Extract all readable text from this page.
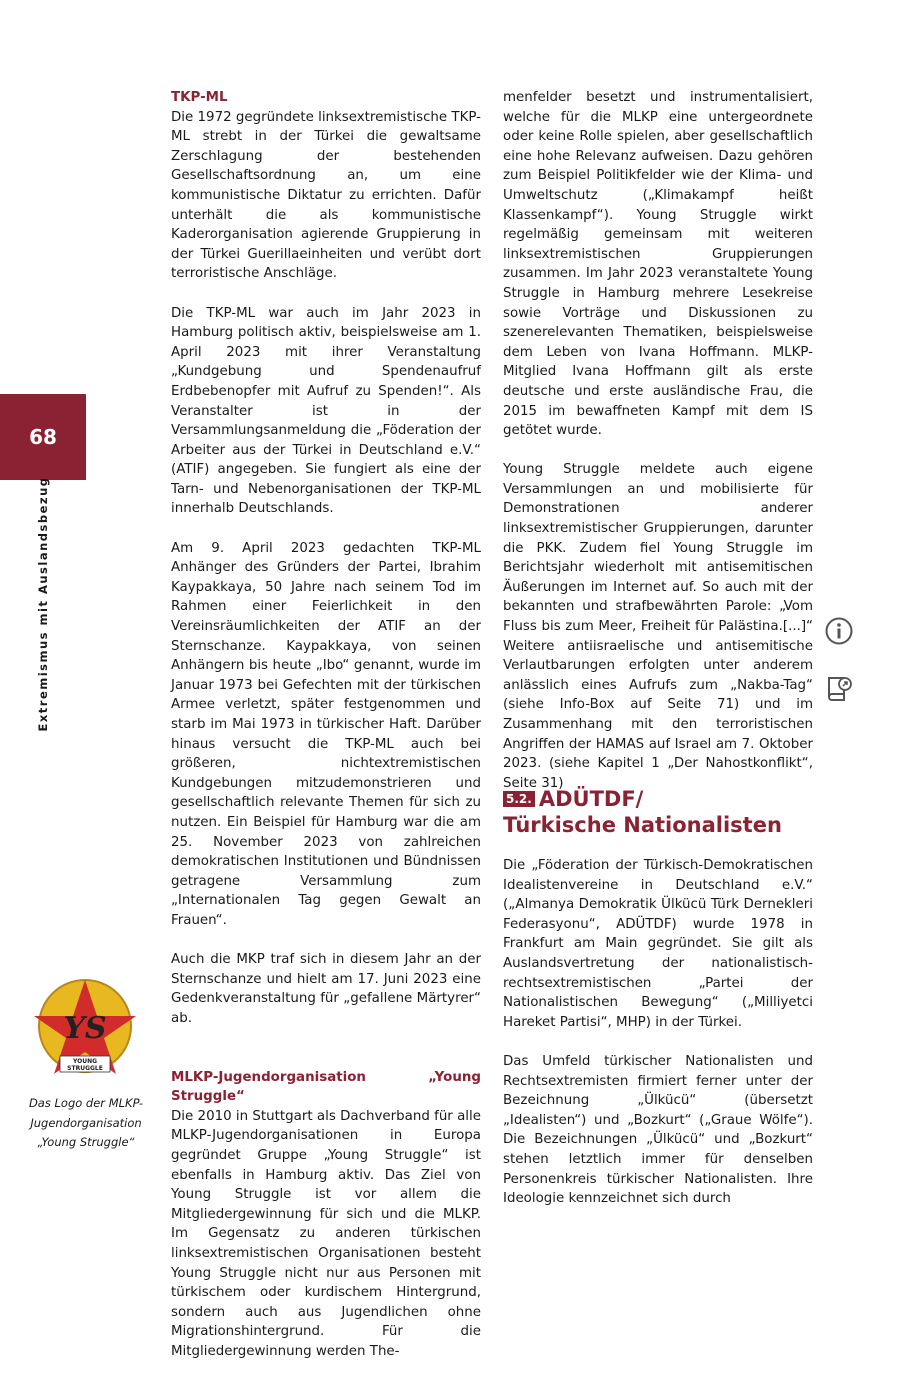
68
Extremismus mit Auslandsbezug
TKP-ML

Die 1972 gegründete linksextremistische TKP-ML strebt in der Türkei die gewaltsame Zerschlagung der bestehenden Gesellschaftsordnung an, um eine kommunistische Diktatur zu errichten. Dafür unterhält die als kommunistische Kaderorganisation agierende Gruppierung in der Türkei Guerillaeinheiten und verübt dort terroristische Anschläge.

Die TKP-ML war auch im Jahr 2023 in Hamburg politisch aktiv, beispielsweise am 1. April 2023 mit ihrer Veranstaltung „Kundgebung und Spendenaufruf Erdbebenopfer mit Aufruf zu Spenden!“. Als Veranstalter ist in der Versammlungsanmeldung die „Föderation der Arbeiter aus der Türkei in Deutschland e.V.“ (ATIF) angegeben. Sie fungiert als eine der Tarn- und Nebenorganisationen der TKP-ML innerhalb Deutschlands.

Am 9. April 2023 gedachten TKP-ML Anhänger des Gründers der Partei, Ibrahim Kaypakkaya, 50 Jahre nach seinem Tod im Rahmen einer Feierlichkeit in den Vereinsräumlichkeiten der ATIF an der Sternschanze. Kaypakkaya, von seinen Anhängern bis heute „Ibo“ genannt, wurde im Januar 1973 bei Gefechten mit der türkischen Armee verletzt, später festgenommen und starb im Mai 1973 in türkischer Haft. Darüber hinaus versucht die TKP-ML auch bei größeren, nichtextremistischen Kundgebungen mitzudemonstrieren und gesellschaftlich relevante Themen für sich zu nutzen. Ein Beispiel für Hamburg war die am 25. November 2023 von zahlreichen demokratischen Institutionen und Bündnissen getragene Versammlung zum „Internationalen Tag gegen Gewalt an Frauen“.

Auch die MKP traf sich in diesem Jahr an der Sternschanze und hielt am 17. Juni 2023 eine Gedenkveranstaltung für „gefallene Märtyrer“ ab.

MLKP-Jugendorganisation „Young Struggle“

Die 2010 in Stuttgart als Dachverband für alle MLKP-Jugendorganisationen in Europa gegründet Gruppe „Young Struggle“ ist ebenfalls in Hamburg aktiv. Das Ziel von Young Struggle ist vor allem die Mitgliedergewinnung für sich und die MLKP. Im Gegensatz zu anderen türkischen linksextremistischen Organisationen besteht Young Struggle nicht nur aus Personen mit türkischem oder kurdischem Hintergrund, sondern auch aus Jugendlichen ohne Migrationshintergrund. Für die Mitgliedergewinnung werden The-

menfelder besetzt und instrumentalisiert, welche für die MLKP eine untergeordnete oder keine Rolle spielen, aber gesellschaftlich eine hohe Relevanz aufweisen. Dazu gehören zum Beispiel Politikfelder wie der Klima- und Umweltschutz („Klimakampf heißt Klassenkampf“). Young Struggle wirkt regelmäßig gemeinsam mit weiteren linksextremistischen Gruppierungen zusammen. Im Jahr 2023 veranstaltete Young Struggle in Hamburg mehrere Lesekreise sowie Vorträge und Diskussionen zu szenerelevanten Thematiken, beispielsweise dem Leben von Ivana Hoffmann. MLKP-Mitglied Ivana Hoffmann gilt als erste deutsche und erste ausländische Frau, die 2015 im bewaffneten Kampf mit dem IS getötet wurde.

Young Struggle meldete auch eigene Versammlungen an und mobilisierte für Demonstrationen anderer linksextremistischer Gruppierungen, darunter die PKK. Zudem fiel Young Struggle im Berichtsjahr wiederholt mit antisemitischen Äußerungen im Internet auf. So auch mit der bekannten und strafbewährten Parole: „Vom Fluss bis zum Meer, Freiheit für Palästina.[...]“ Weitere antiisraelische und antisemitische Verlautbarungen erfolgten unter anderem anlässlich eines Aufrufs zum „Nakba-Tag“ (siehe Info-Box auf Seite 71) und im Zusammenhang mit den terroristischen Angriffen der HAMAS auf Israel am 7. Oktober 2023. (siehe Kapitel 1 „Der Nahostkonflikt“, Seite 31)

5.2. ADÜTDF/
Türkische Nationalisten

Die „Föderation der Türkisch-Demokratischen Idealistenvereine in Deutschland e.V.“ („Almanya Demokratik Ülkücü Türk Dernekleri Federasyonu“, ADÜTDF) wurde 1978 in Frankfurt am Main gegründet. Sie gilt als Auslandsvertretung der nationalistisch-rechtsextremistischen „Partei der Nationalistischen Bewegung“ („Milliyetci Hareket Partisi“, MHP) in der Türkei.

Das Umfeld türkischer Nationalisten und Rechtsextremisten firmiert ferner unter der Bezeichnung „Ülkücü“ (übersetzt „Idealisten“) und „Bozkurt“ („Graue Wölfe“). Die Bezeichnungen „Ülkücü“ und „Bozkurt“ stehen letztlich immer für denselben Personenkreis türkischer Nationalisten. Ihre Ideologie kennzeichnet sich durch

YS
YOUNG
STRUGGLE
Das Logo der MLKP-
Jugendorganisation
„Young Struggle“
